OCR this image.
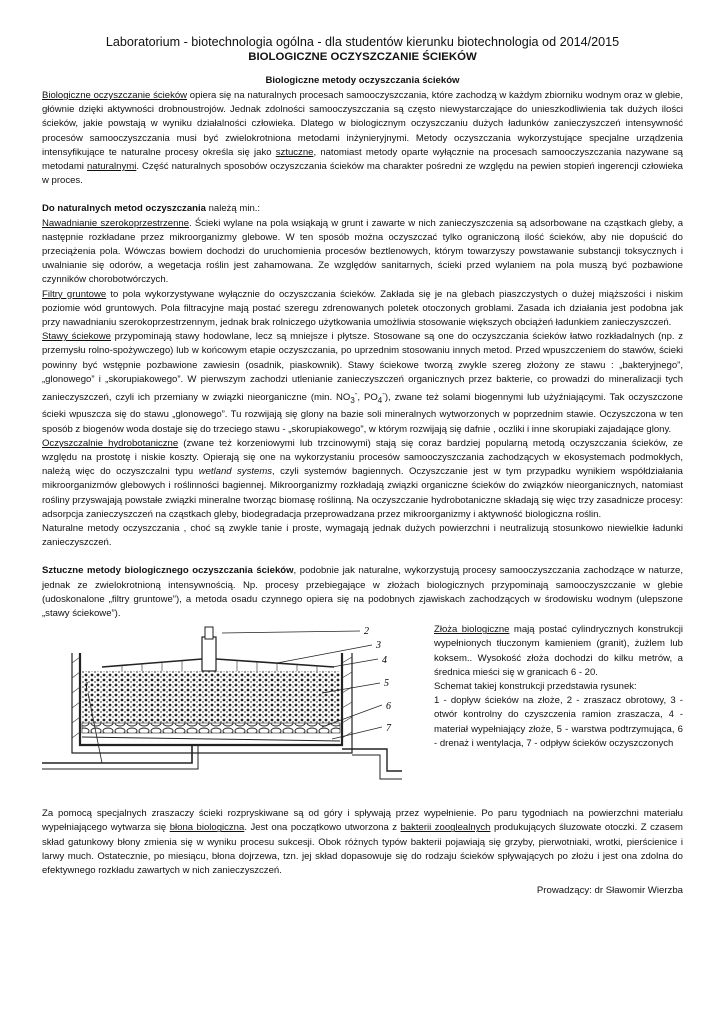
Laboratorium - biotechnologia ogólna - dla studentów kierunku biotechnologia od 2014/2015

BIOLOGICZNE OCZYSZCZANIE ŚCIEKÓW

Biologiczne metody oczyszczania ścieków

Biologiczne oczyszczanie ścieków opiera się na naturalnych procesach samooczyszczania, które zachodzą w każdym zbiorniku wodnym oraz w glebie, głównie dzięki aktywności drobnoustrojów. Jednak zdolności samooczyszczania są często niewystarczające do unieszkodliwienia tak dużych ilości ścieków, jakie powstają w wyniku działalności człowieka. Dlatego w biologicznym oczyszczaniu dużych ładunków zanieczyszczeń intensywność procesów samooczyszczania musi być zwielokrotniona metodami inżynieryjnymi. Metody oczyszczania wykorzystujące specjalne urządzenia intensyfikujące te naturalne procesy określa się jako sztuczne, natomiast metody oparte wyłącznie na procesach samooczyszczania nazywane są metodami naturalnymi. Część naturalnych sposobów oczyszczania ścieków ma charakter pośredni ze względu na pewien stopień ingerencji człowieka w proces.

Do naturalnych metod oczyszczania należą min.:

Nawadnianie szerokoprzestrzenne. Ścieki wylane na pola wsiąkają w grunt i zawarte w nich zanieczyszczenia są adsorbowane na cząstkach gleby, a następnie rozkładane przez mikroorganizmy glebowe. W ten sposób można oczyszczać tylko ograniczoną ilość ścieków, aby nie dopuścić do przeciążenia pola. Wówczas bowiem dochodzi do uruchomienia procesów beztlenowych, którym towarzyszy powstawanie substancji toksycznych i uwalnianie się odorów, a wegetacja roślin jest zahamowana. Ze względów sanitarnych, ścieki przed wylaniem na pola muszą być pozbawione czynników chorobotwórczych.

Filtry gruntowe to pola wykorzystywane wyłącznie do oczyszczania ścieków. Zakłada się je na glebach piaszczystych o dużej miąższości i niskim poziomie wód gruntowych. Pola filtracyjne mają postać szeregu zdrenowanych poletek otoczonych groblami. Zasada ich działania jest podobna jak przy nawadnianiu szerokoprzestrzennym, jednak brak rolniczego użytkowania umożliwia stosowanie większych obciążeń ładunkiem zanieczyszczeń.

Stawy ściekowe przypominają stawy hodowlane, lecz są mniejsze i płytsze. Stosowane są one do oczyszczania ścieków łatwo rozkładalnych (np. z przemysłu rolno-spożywczego) lub w końcowym etapie oczyszczania, po uprzednim stosowaniu innych metod. Przed wpuszczeniem do stawów, ścieki powinny być wstępnie pozbawione zawiesin (osadnik, piaskownik). Stawy ściekowe tworzą zwykle szereg złożony ze stawu : „bakteryjnego”, „glonowego” i „skorupiakowego”. W pierwszym zachodzi utlenianie zanieczyszczeń organicznych przez bakterie, co prowadzi do mineralizacji tych zanieczyszczeń, czyli ich przemiany w związki nieorganiczne (min. $NO_3^-$, $PO_4^-$), zwane też solami biogennymi lub użyźniającymi. Tak oczyszczone ścieki wpuszcza się do stawu „glonowego”. Tu rozwijają się glony na bazie soli mineralnych wytworzonych w poprzednim stawie. Oczyszczona w ten sposób z biogenów woda dostaje się do trzeciego stawu - „skorupiakowego”, w którym rozwijają się dafnie , oczliki i inne skorupiaki zajadające glony.

Oczyszczalnie hydrobotaniczne (zwane też korzeniowymi lub trzcinowymi) stają się coraz bardziej popularną metodą oczyszczania ścieków, ze względu na prostotę i niskie koszty. Opierają się one na wykorzystaniu procesów samooczyszczania zachodzących w ekosystemach podmokłych, należą więc do oczyszczalni typu wetland systems, czyli systemów bagiennych. Oczyszczanie jest w tym przypadku wynikiem współdziałania mikroorganizmów glebowych i roślinności bagiennej. Mikroorganizmy rozkładają związki organiczne ścieków do związków nieorganicznych, natomiast rośliny przyswajają powstałe związki mineralne tworząc biomasę roślinną. Na oczyszczanie hydrobotaniczne składają się więc trzy zasadnicze procesy: adsorpcja zanieczyszczeń na cząstkach gleby, biodegradacja przeprowadzana przez mikroorganizmy i aktywność biologiczna roślin.

Naturalne metody oczyszczania , choć są zwykle tanie i proste, wymagają jednak dużych powierzchni i neutralizują stosunkowo niewielkie ładunki zanieczyszczeń.

Sztuczne metody biologicznego oczyszczania ścieków, podobnie jak naturalne, wykorzystują procesy samooczyszczania zachodzące w naturze, jednak ze zwielokrotnioną intensywnością. Np. procesy przebiegające w złożach biologicznych przypominają samooczyszczanie w glebie (udoskonalone „filtry gruntowe”), a metoda osadu czynnego opiera się na podobnych zjawiskach zachodzących w środowisku wodnym (ulepszone „stawy ściekowe”).

2
3
4
5
6
7
1

Złoża biologiczne mają postać cylindrycznych konstrukcji wypełnionych tłuczonym kamieniem (granit), żużlem lub koksem.. Wysokość złoża dochodzi do kilku metrów, a średnica mieści się w granicach 6 - 20.

Schemat takiej konstrukcji przedstawia rysunek:

1 - dopływ ścieków na złoże, 2 - zraszacz obrotowy, 3 - otwór kontrolny do czyszczenia ramion zraszacza, 4 - materiał wypełniający złoże, 5 - warstwa podtrzymująca, 6 - drenaż i wentylacja, 7 - odpływ ścieków oczyszczonych

Za pomocą specjalnych zraszaczy ścieki rozpryskiwane są od góry i spływają przez wypełnienie. Po paru tygodniach na powierzchni materiału wypełniającego wytwarza się błona biologiczna. Jest ona początkowo utworzona z bakterii zooglealnych produkujących śluzowate otoczki. Z czasem skład gatunkowy błony zmienia się w wyniku procesu sukcesji. Obok różnych typów bakterii pojawiają się grzyby, pierwotniaki, wrotki, pierścienice i larwy much. Ostatecznie, po miesiącu, błona dojrzewa, tzn. jej skład dopasowuje się do rodzaju ścieków spływających po złożu i jest ona zdolna do efektywnego rozkładu zawartych w nich zanieczyszczeń.

Prowadzący: dr Sławomir Wierzba
